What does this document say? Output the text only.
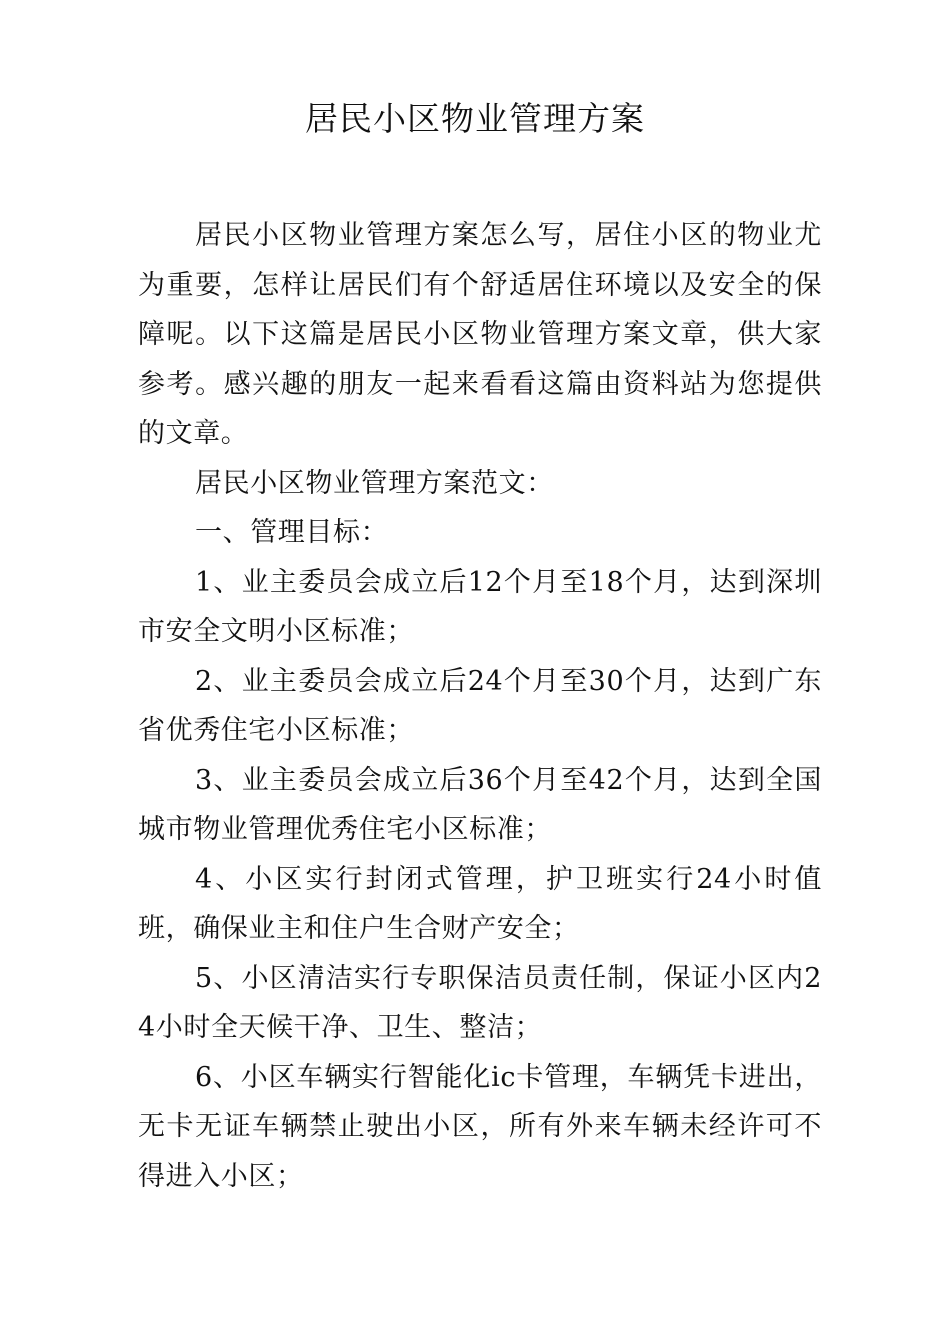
居民小区物业管理方案

居民小区物业管理方案怎么写，居住小区的物业尤为重要，怎样让居民们有个舒适居住环境以及安全的保障呢。以下这篇是居民小区物业管理方案文章，供大家参考。感兴趣的朋友一起来看看这篇由资料站为您提供的文章。

居民小区物业管理方案范文：

一、管理目标：

1、业主委员会成立后12个月至18个月，达到深圳市安全文明小区标准；

2、业主委员会成立后24个月至30个月，达到广东省优秀住宅小区标准；

3、业主委员会成立后36个月至42个月，达到全国城市物业管理优秀住宅小区标准；

4、小区实行封闭式管理，护卫班实行24小时值班，确保业主和住户生合财产安全；

5、小区清洁实行专职保洁员责任制，保证小区内24小时全天候干净、卫生、整洁；

6、小区车辆实行智能化ic卡管理，车辆凭卡进出，无卡无证车辆禁止驶出小区，所有外来车辆未经许可不得进入小区；
